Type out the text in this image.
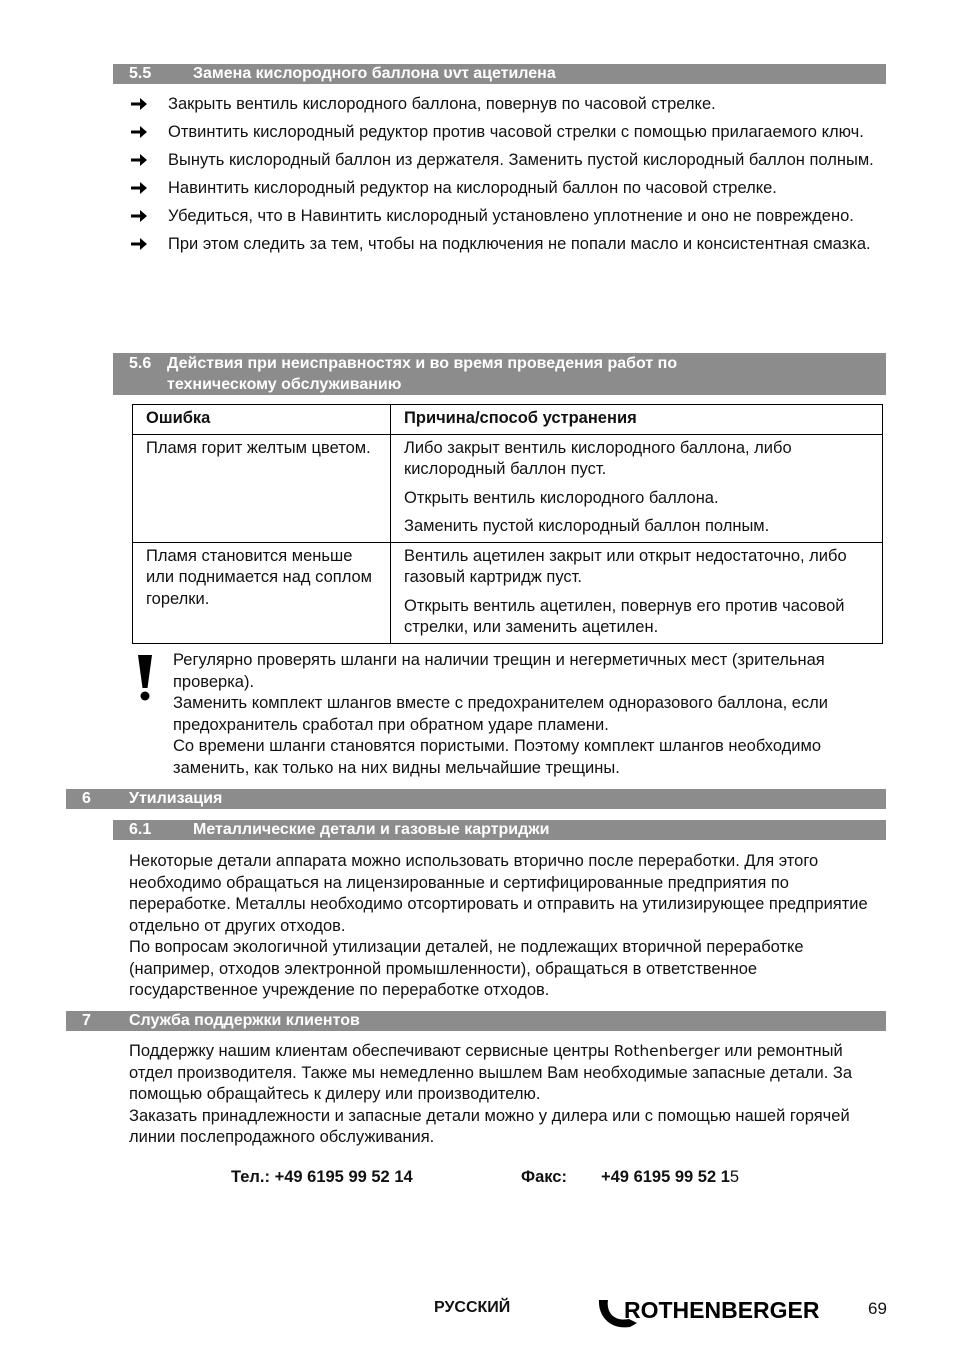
5.5	Замена кислородного баллона υvτ ацетилена
Закрыть вентиль кислородного баллона, повернув по часовой стрелке.
Отвинтить кислородный редуктор против часовой стрелки с помощью прилагаемого ключ.
Вынуть кислородный баллон из держателя. Заменить пустой кислородный баллон полным.
Навинтить кислородный редуктор на кислородный баллон по часовой стрелке.
Убедиться, что в Навинтить кислородный установлено уплотнение и оно не повреждено.
При этом следить за тем, чтобы на подключения не попали масло и консистентная смазка.
5.6 Действия при неисправностях и во время проведения работ по
техническому обслуживанию
Ошибка	Причина/способ устранения

Пламя горит желтым цветом.	Либо закрыт вентиль кислородного баллона, либо кислородный баллон пуст.

Открыть вентиль кислородного баллона.

Заменить пустой кислородный баллон полным.

Пламя становится меньше или поднимается над соплом горелки.	Вентиль ацетилен закрыт или открыт недостаточно, либо газовый картридж пуст.

Открыть вентиль ацетилен, повернув его против часовой стрелки, или заменить ацетилен.

Регулярно проверять шланги на наличии трещин и негерметичных мест (зрительная проверка).
Заменить комплект шлангов вместе с предохранителем одноразового баллона, если предохранитель сработал при обратном ударе пламени.
Со времени шланги становятся пористыми. Поэтому комплект шлангов необходимо заменить, как только на них видны мельчайшие трещины.
6 Утилизация
6.1	Металлические детали и газовые картриджи

Некоторые детали аппарата можно использовать вторично после переработки. Для этого необходимо обращаться на лицензированные и сертифицированные предприятия по переработке. Металлы необходимо отсортировать и отправить на утилизирующее предприятие отдельно от других отходов.

По вопросам экологичной утилизации деталей, не подлежащих вторичной переработке (например, отходов электронной промышленности), обращаться в ответственное государственное учреждение по переработке отходов.

7 Служба поддержки клиентов

Поддержку нашим клиентам обеспечивают сервисные центры Rothenberger или ремонтный отдел производителя. Также мы немедленно вышлем Вам необходимые запасные детали. За помощью обращайтесь к дилеру или производителю.

Заказать принадлежности и запасные детали можно у дилера или с помощью нашей горячей линии послепродажного обслуживания.

Тел.: +49 6195 99 52 14	Факс: +49 6195 99 52 15
РУССКИЙ	ROTHENBERGER	69
